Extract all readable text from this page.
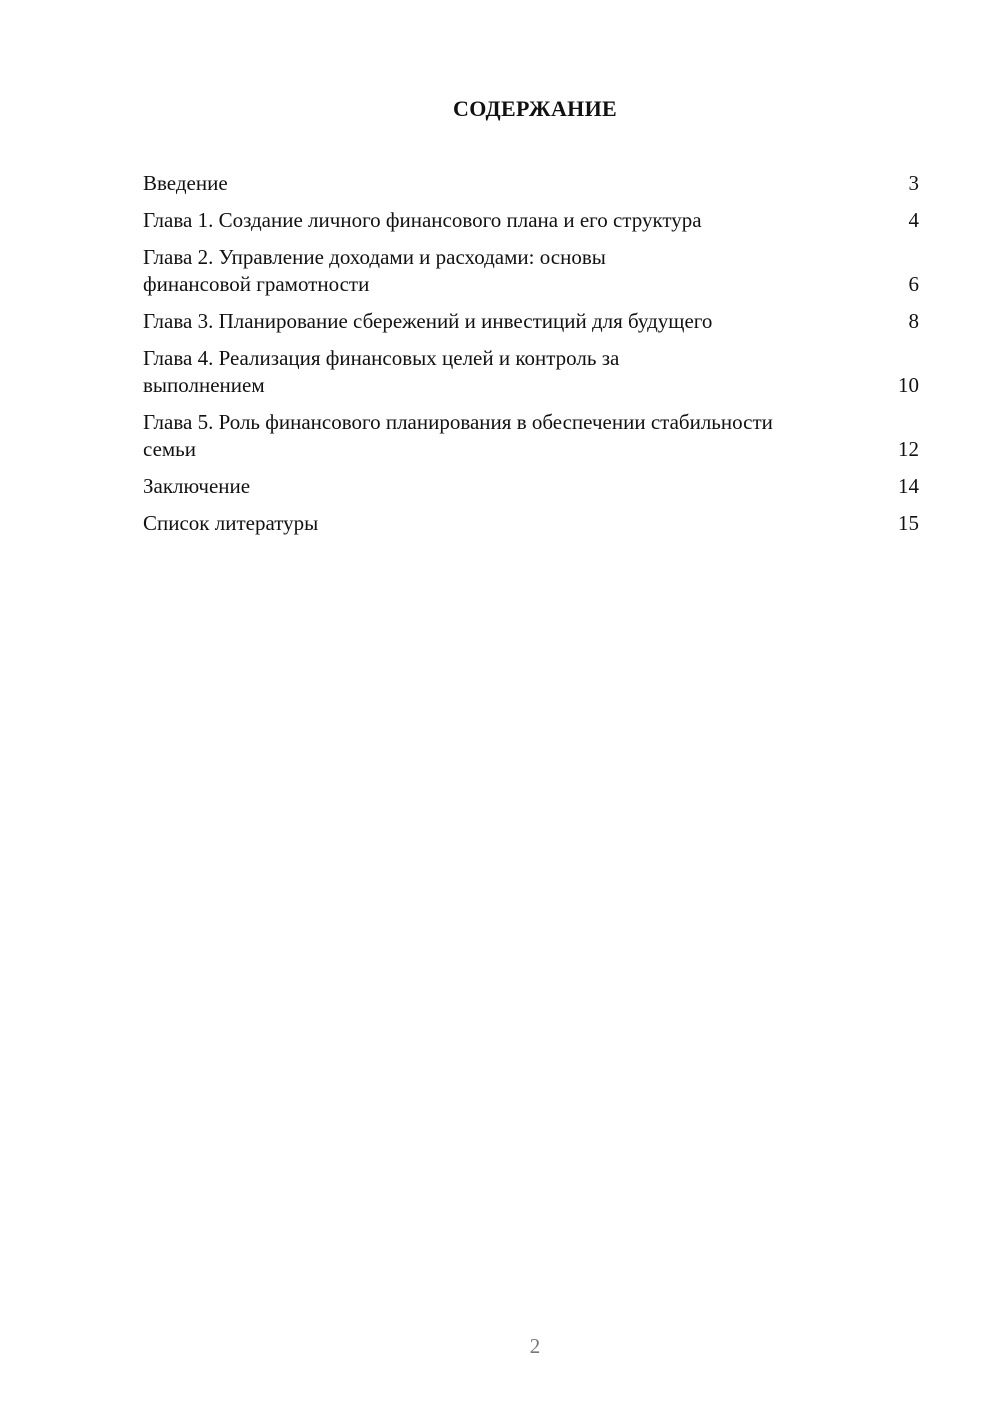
СОДЕРЖАНИЕ
Введение	3
Глава 1. Создание личного финансового плана и его структура	4
Глава 2. Управление доходами и расходами: основы финансовой грамотности	6
Глава 3. Планирование сбережений и инвестиций для будущего	8
Глава 4. Реализация финансовых целей и контроль за выполнением	10
Глава 5. Роль финансового планирования в обеспечении стабильности семьи	12
Заключение	14
Список литературы	15
2
